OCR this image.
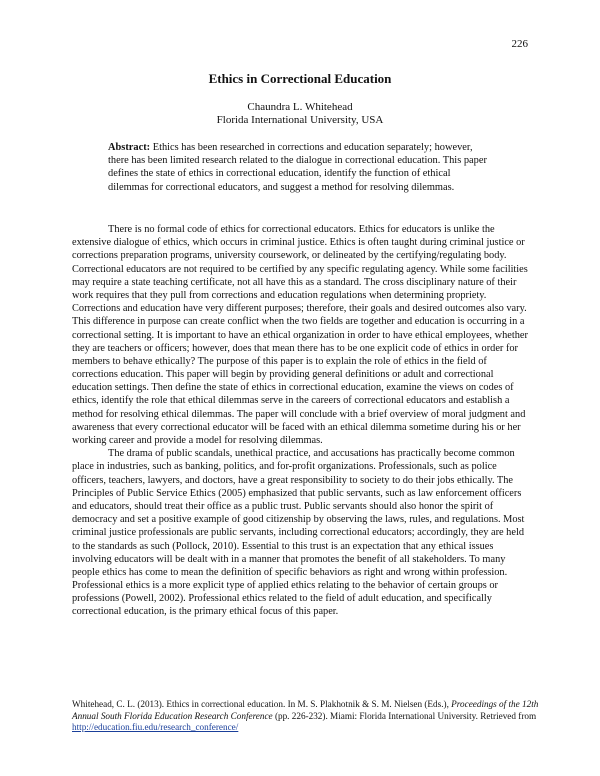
226
Ethics in Correctional Education
Chaundra L. Whitehead
Florida International University, USA
Abstract: Ethics has been researched in corrections and education separately; however, there has been limited research related to the dialogue in correctional education. This paper defines the state of ethics in correctional education, identify the function of ethical dilemmas for correctional educators, and suggest a method for resolving dilemmas.

There is no formal code of ethics for correctional educators. Ethics for educators is unlike the extensive dialogue of ethics, which occurs in criminal justice. Ethics is often taught during criminal justice or corrections preparation programs, university coursework, or delineated by the certifying/regulating body. Correctional educators are not required to be certified by any specific regulating agency. While some facilities may require a state teaching certificate, not all have this as a standard. The cross disciplinary nature of their work requires that they pull from corrections and education regulations when determining propriety. Corrections and education have very different purposes; therefore, their goals and desired outcomes also vary. This difference in purpose can create conflict when the two fields are together and education is occurring in a correctional setting. It is important to have an ethical organization in order to have ethical employees, whether they are teachers or officers; however, does that mean there has to be one explicit code of ethics in order for members to behave ethically? The purpose of this paper is to explain the role of ethics in the field of corrections education. This paper will begin by providing general definitions or adult and correctional education settings. Then define the state of ethics in correctional education, examine the views on codes of ethics, identify the role that ethical dilemmas serve in the careers of correctional educators and establish a method for resolving ethical dilemmas. The paper will conclude with a brief overview of moral judgment and awareness that every correctional educator will be faced with an ethical dilemma sometime during his or her working career and provide a model for resolving dilemmas.

The drama of public scandals, unethical practice, and accusations has practically become common place in industries, such as banking, politics, and for-profit organizations. Professionals, such as police officers, teachers, lawyers, and doctors, have a great responsibility to society to do their jobs ethically. The Principles of Public Service Ethics (2005) emphasized that public servants, such as law enforcement officers and educators, should treat their office as a public trust. Public servants should also honor the spirit of democracy and set a positive example of good citizenship by observing the laws, rules, and regulations. Most criminal justice professionals are public servants, including correctional educators; accordingly, they are held to the standards as such (Pollock, 2010). Essential to this trust is an expectation that any ethical issues involving educators will be dealt with in a manner that promotes the benefit of all stakeholders. To many people ethics has come to mean the definition of specific behaviors as right and wrong within profession. Professional ethics is a more explicit type of applied ethics relating to the behavior of certain groups or professions (Powell, 2002). Professional ethics related to the field of adult education, and specifically correctional education, is the primary ethical focus of this paper.

Whitehead, C. L. (2013). Ethics in correctional education. In M. S. Plakhotnik & S. M. Nielsen (Eds.), Proceedings of the 12th Annual South Florida Education Research Conference (pp. 226-232). Miami: Florida International University. Retrieved from http://education.fiu.edu/research_conference/
